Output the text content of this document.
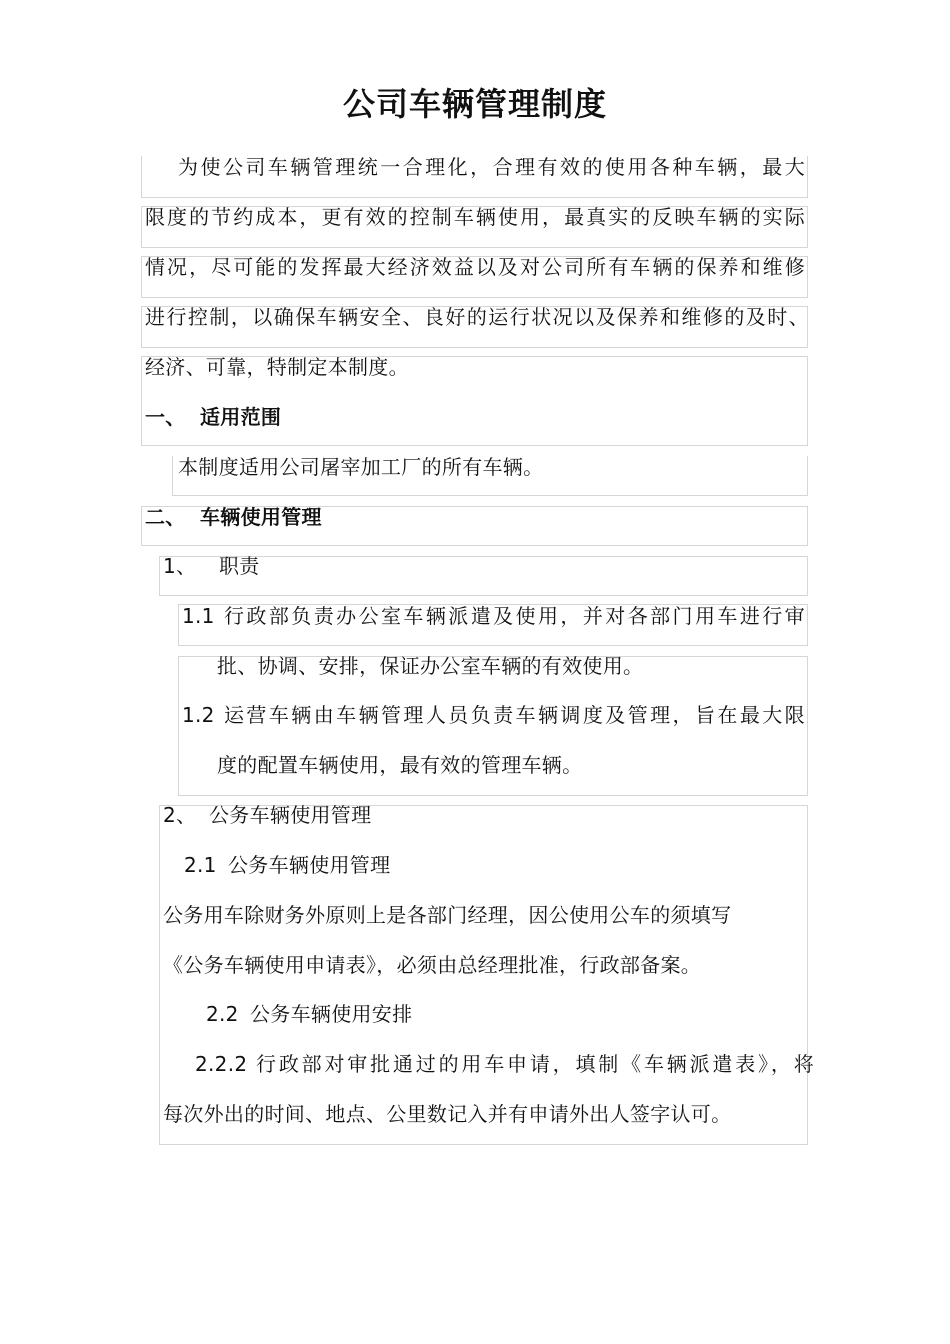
公司车辆管理制度
为使公司车辆管理统一合理化，合理有效的使用各种车辆，最大
限度的节约成本，更有效的控制车辆使用，最真实的反映车辆的实际
情况，尽可能的发挥最大经济效益以及对公司所有车辆的保养和维修
进行控制，以确保车辆安全、良好的运行状况以及保养和维修的及时、
经济、可靠，特制定本制度。
一、 适用范围
本制度适用公司屠宰加工厂的所有车辆。
二、 车辆使用管理
1、 职责
1.1 行政部负责办公室车辆派遣及使用，并对各部门用车进行审
批、协调、安排，保证办公室车辆的有效使用。
1.2 运营车辆由车辆管理人员负责车辆调度及管理，旨在最大限
度的配置车辆使用，最有效的管理车辆。
2、 公务车辆使用管理
2.1 公务车辆使用管理
公务用车除财务外原则上是各部门经理，因公使用公车的须填写
《公务车辆使用申请表》，必须由总经理批准，行政部备案。
2.2 公务车辆使用安排
2.2.2 行政部对审批通过的用车申请，填制《车辆派遣表》，将
每次外出的时间、地点、公里数记入并有申请外出人签字认可。
